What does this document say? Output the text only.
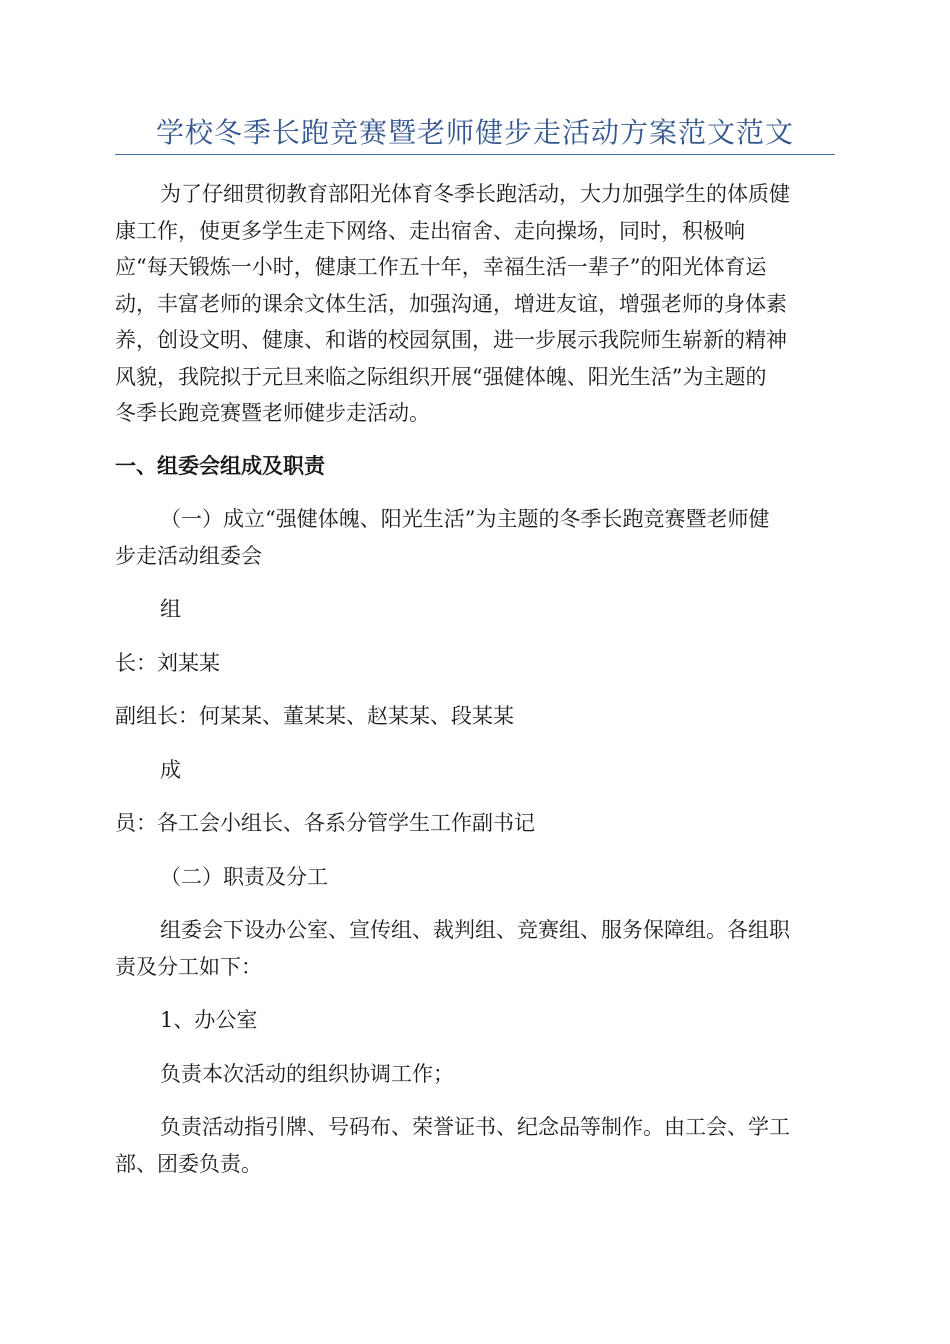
学校冬季长跑竞赛暨老师健步走活动方案范文范文

为了仔细贯彻教育部阳光体育冬季长跑活动，大力加强学生的体质健
康工作，使更多学生走下网络、走出宿舍、走向操场，同时，积极响
应“每天锻炼一小时，健康工作五十年，幸福生活一辈子”的阳光体育运
动，丰富老师的课余文体生活，加强沟通，增进友谊，增强老师的身体素
养，创设文明、健康、和谐的校园氛围，进一步展示我院师生崭新的精神
风貌，我院拟于元旦来临之际组织开展“强健体魄、阳光生活”为主题的
冬季长跑竞赛暨老师健步走活动。

一、组委会组成及职责

（一）成立“强健体魄、阳光生活”为主题的冬季长跑竞赛暨老师健
步走活动组委会

组

长：刘某某

副组长：何某某、董某某、赵某某、段某某

成

员：各工会小组长、各系分管学生工作副书记

（二）职责及分工

组委会下设办公室、宣传组、裁判组、竞赛组、服务保障组。各组职
责及分工如下：

1、办公室

负责本次活动的组织协调工作；

负责活动指引牌、号码布、荣誉证书、纪念品等制作。由工会、学工
部、团委负责。
